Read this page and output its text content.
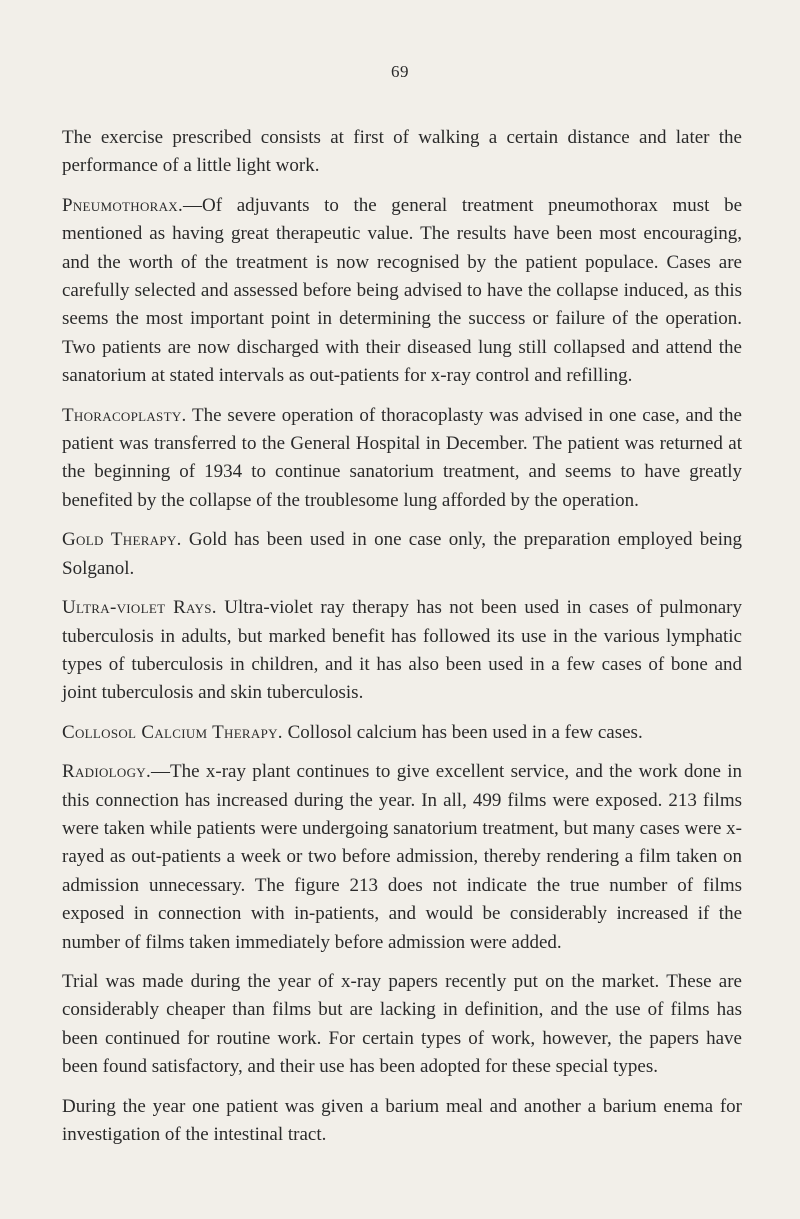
69

The exercise prescribed consists at first of walking a certain distance and later the performance of a little light work.

Pneumothorax.—Of adjuvants to the general treatment pneumothorax must be mentioned as having great therapeutic value. The results have been most encouraging, and the worth of the treatment is now recognised by the patient populace. Cases are carefully selected and assessed before being advised to have the collapse induced, as this seems the most important point in determining the success or failure of the operation. Two patients are now discharged with their diseased lung still collapsed and attend the sanatorium at stated intervals as out-patients for x-ray control and refilling.

Thoracoplasty. The severe operation of thoracoplasty was advised in one case, and the patient was transferred to the General Hospital in December. The patient was returned at the beginning of 1934 to continue sanatorium treatment, and seems to have greatly benefited by the collapse of the troublesome lung afforded by the operation.

Gold Therapy. Gold has been used in one case only, the preparation employed being Solganol.

Ultra-violet Rays. Ultra-violet ray therapy has not been used in cases of pulmonary tuberculosis in adults, but marked benefit has followed its use in the various lymphatic types of tuberculosis in children, and it has also been used in a few cases of bone and joint tuberculosis and skin tuberculosis.

Collosol Calcium Therapy. Collosol calcium has been used in a few cases.

Radiology.—The x-ray plant continues to give excellent service, and the work done in this connection has increased during the year. In all, 499 films were exposed. 213 films were taken while patients were undergoing sanatorium treatment, but many cases were x-rayed as out-patients a week or two before admission, thereby rendering a film taken on admission unnecessary. The figure 213 does not indicate the true number of films exposed in connection with in-patients, and would be considerably increased if the number of films taken immediately before admission were added.

Trial was made during the year of x-ray papers recently put on the market. These are considerably cheaper than films but are lacking in definition, and the use of films has been continued for routine work. For certain types of work, however, the papers have been found satisfactory, and their use has been adopted for these special types.

During the year one patient was given a barium meal and another a barium enema for investigation of the intestinal tract.
